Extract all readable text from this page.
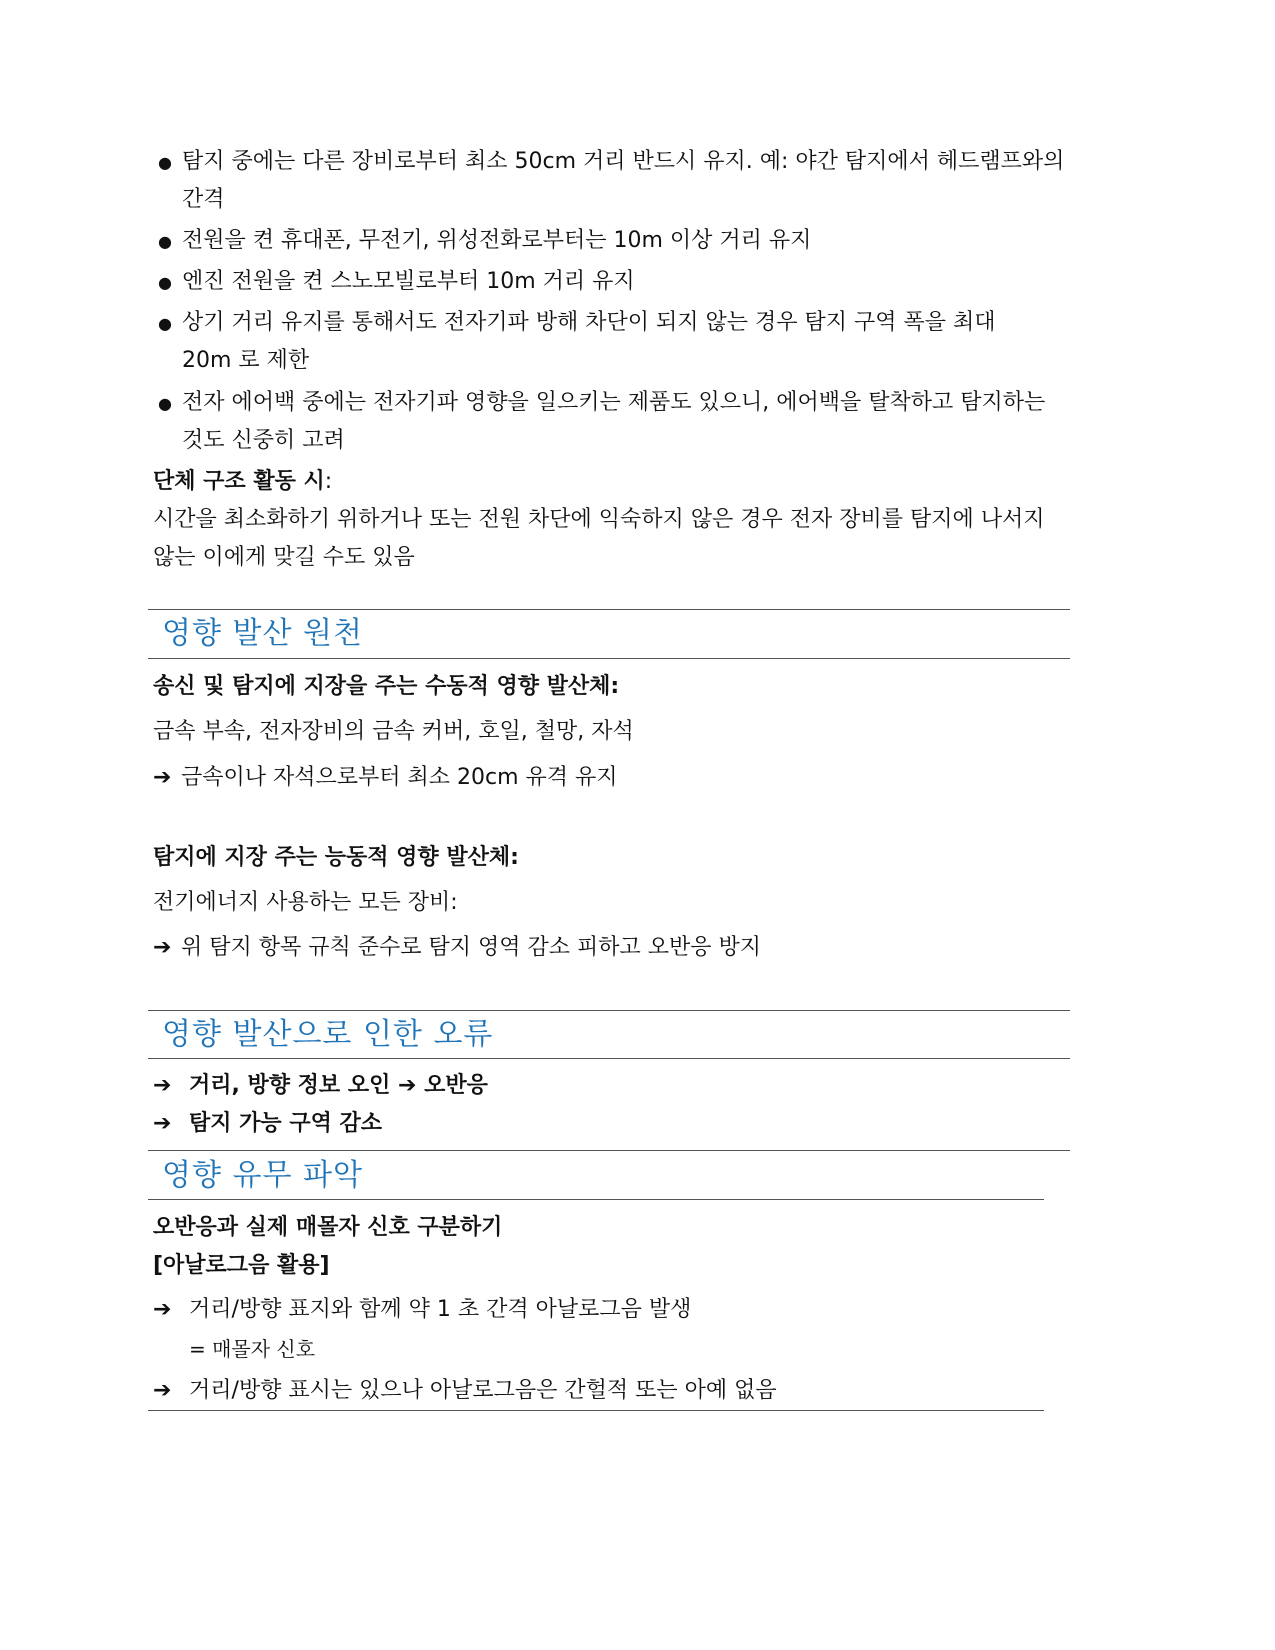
● 탐지 중에는 다른 장비로부터 최소 50cm 거리 반드시 유지. 예: 야간 탐지에서 헤드램프와의
간격
● 전원을 켠 휴대폰, 무전기, 위성전화로부터는 10m 이상 거리 유지
● 엔진 전원을 켠 스노모빌로부터 10m 거리 유지
● 상기 거리 유지를 통해서도 전자기파 방해 차단이 되지 않는 경우 탐지 구역 폭을 최대
20m 로 제한
● 전자 에어백 중에는 전자기파 영향을 일으키는 제품도 있으니, 에어백을 탈착하고 탐지하는
것도 신중히 고려
단체 구조 활동 시:
시간을 최소화하기 위하거나 또는 전원 차단에 익숙하지 않은 경우 전자 장비를 탐지에 나서지
않는 이에게 맞길 수도 있음
영향 발산 원천
송신 및 탐지에 지장을 주는 수동적 영향 발산체:
금속 부속, 전자장비의 금속 커버, 호일, 철망, 자석
➔ 금속이나 자석으로부터 최소 20cm 유격 유지
탐지에 지장 주는 능동적 영향 발산체:
전기에너지 사용하는 모든 장비:
➔ 위 탐지 항목 규칙 준수로 탐지 영역 감소 피하고 오반응 방지
영향 발산으로 인한 오류
➔ 거리, 방향 정보 오인 ➔ 오반응
➔ 탐지 가능 구역 감소
영향 유무 파악
오반응과 실제 매몰자 신호 구분하기
[아날로그음 활용]
➔ 거리/방향 표지와 함께 약 1 초 간격 아날로그음 발생
= 매몰자 신호
➔ 거리/방향 표시는 있으나 아날로그음은 간헐적 또는 아예 없음
